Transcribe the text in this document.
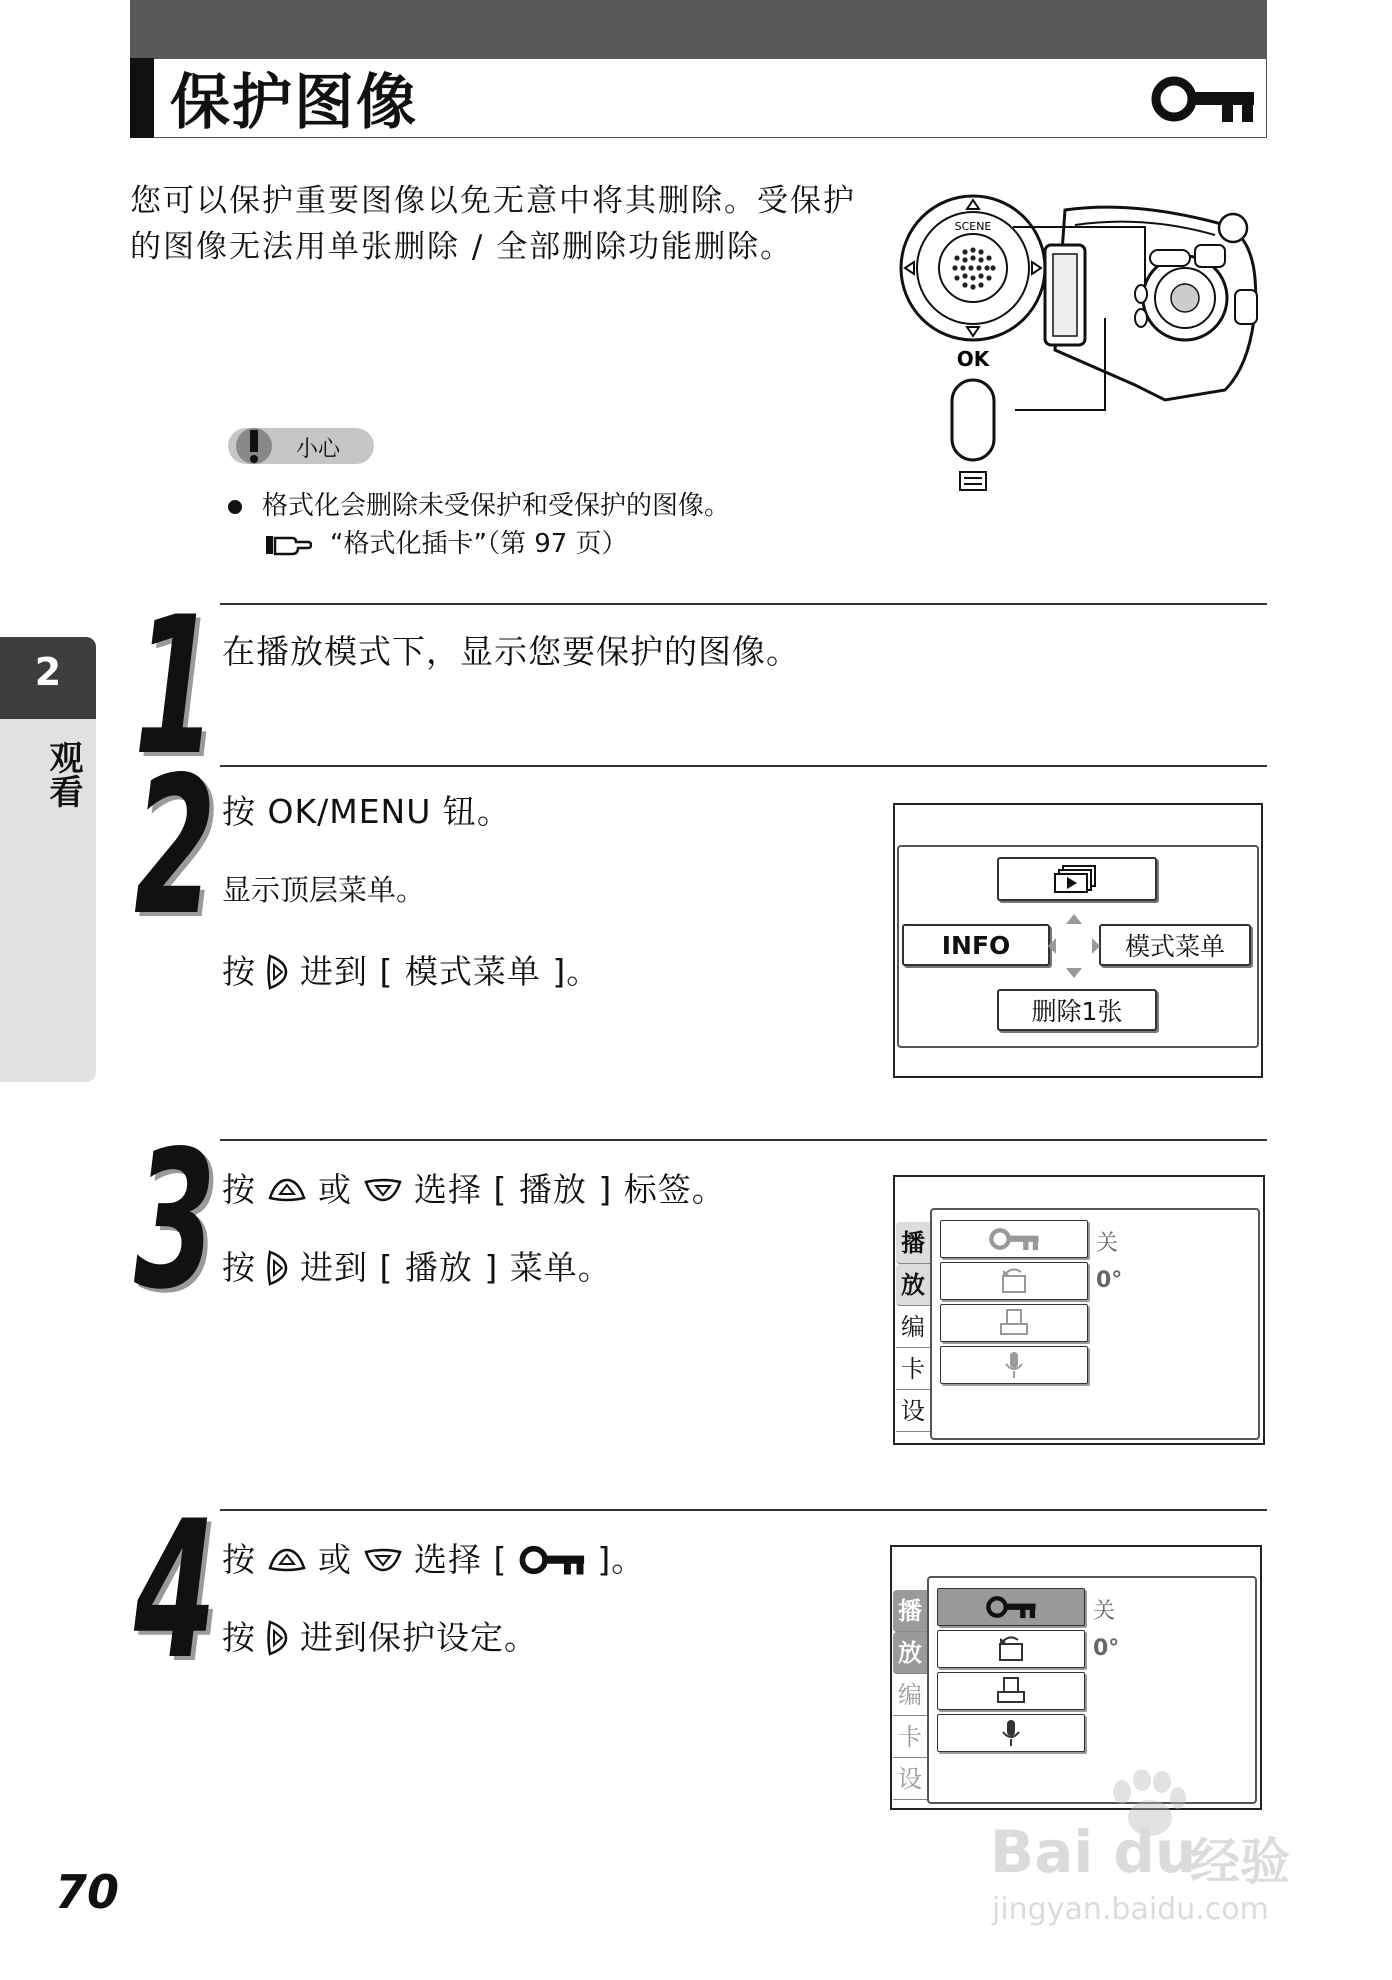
保护图像
您可以保护重要图像以免无意中将其删除。受保护的图像无法用单张删除 / 全部删除功能删除。
SCENE
OK
小心
格式化会删除未受保护和受保护的图像。
“格式化插卡”（第 97 页）
2
观看 1 在播放模式下，显示您要保护的图像。
2 按 OK/MENU 钮。
显示顶层菜单。
按 进到 [ 模式菜单 ]。
INFO	模式菜单
删除1张
3 按 或 选择 [ 播放 ] 标签。
按 进到 [ 播放 ] 菜单。
播
放
编
卡
设
关
0°
4 按 或 选择 [	]。
按 进到保护设定。
播
放
编
卡
设
关
0°
70
Bai du
经验
jingyan.baidu.com
